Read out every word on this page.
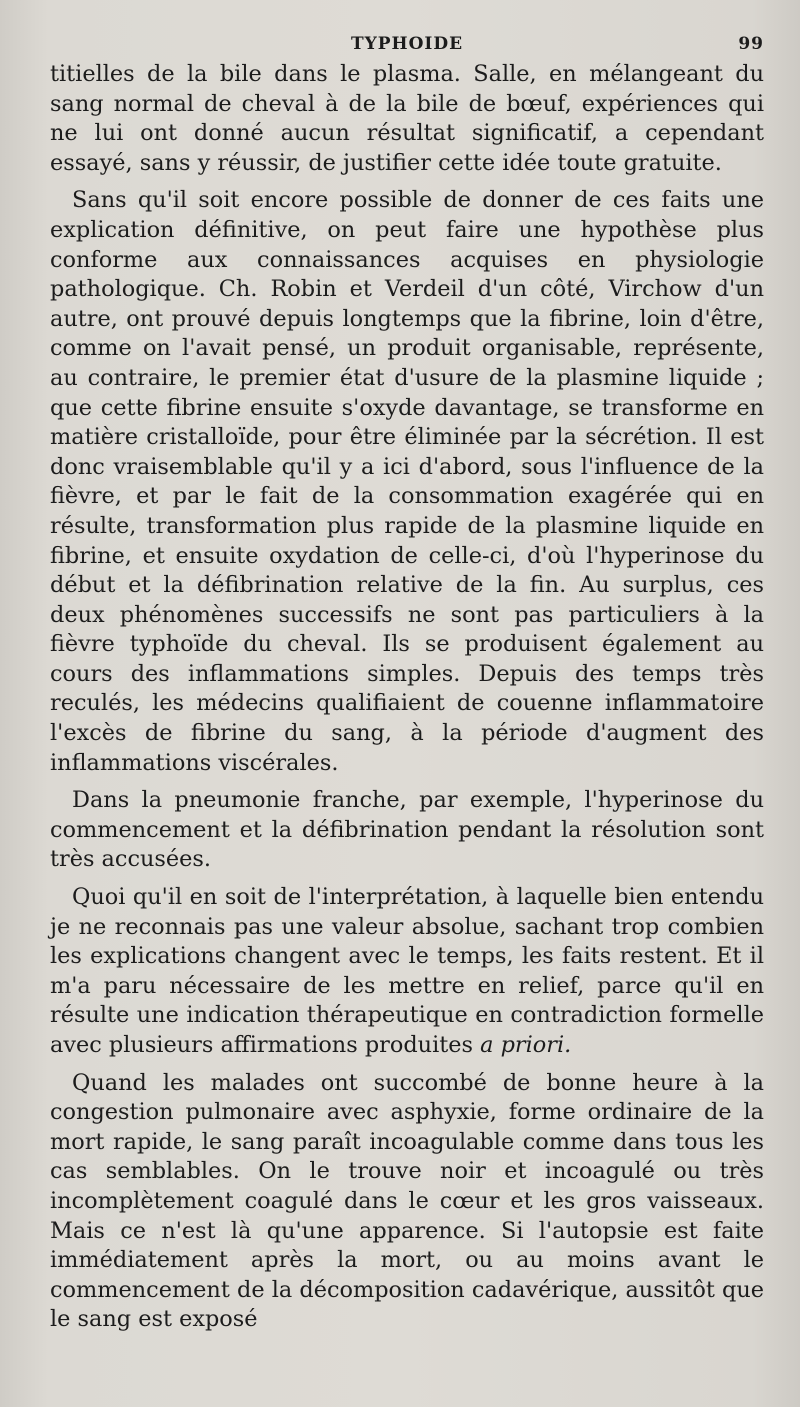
TYPHOIDE	99

titielles de la bile dans le plasma. Salle, en mélangeant du sang normal de cheval à de la bile de bœuf, expériences qui ne lui ont donné aucun résultat significatif, a cependant essayé, sans y réussir, de justifier cette idée toute gratuite.

Sans qu'il soit encore possible de donner de ces faits une explication définitive, on peut faire une hypothèse plus conforme aux connaissances acquises en physiologie pathologique. Ch. Robin et Verdeil d'un côté, Virchow d'un autre, ont prouvé depuis longtemps que la fibrine, loin d'être, comme on l'avait pensé, un produit organisable, représente, au contraire, le premier état d'usure de la plasmine liquide ; que cette fibrine ensuite s'oxyde davantage, se transforme en matière cristalloïde, pour être éliminée par la sécrétion. Il est donc vraisemblable qu'il y a ici d'abord, sous l'influence de la fièvre, et par le fait de la consommation exagérée qui en résulte, transformation plus rapide de la plasmine liquide en fibrine, et ensuite oxydation de celle-ci, d'où l'hyperinose du début et la défibrination relative de la fin. Au surplus, ces deux phénomènes successifs ne sont pas particuliers à la fièvre typhoïde du cheval. Ils se produisent également au cours des inflammations simples. Depuis des temps très reculés, les médecins qualifiaient de couenne inflammatoire l'excès de fibrine du sang, à la période d'augment des inflammations viscérales.

Dans la pneumonie franche, par exemple, l'hyperinose du commencement et la défibrination pendant la résolution sont très accusées.

Quoi qu'il en soit de l'interprétation, à laquelle bien entendu je ne reconnais pas une valeur absolue, sachant trop combien les explications changent avec le temps, les faits restent. Et il m'a paru nécessaire de les mettre en relief, parce qu'il en résulte une indication thérapeutique en contradiction formelle avec plusieurs affirmations produites a priori.

Quand les malades ont succombé de bonne heure à la congestion pulmonaire avec asphyxie, forme ordinaire de la mort rapide, le sang paraît incoagulable comme dans tous les cas semblables. On le trouve noir et incoagulé ou très incomplètement coagulé dans le cœur et les gros vaisseaux. Mais ce n'est là qu'une apparence. Si l'autopsie est faite immédiatement après la mort, ou au moins avant le commencement de la décomposition cadavérique, aussitôt que le sang est exposé
